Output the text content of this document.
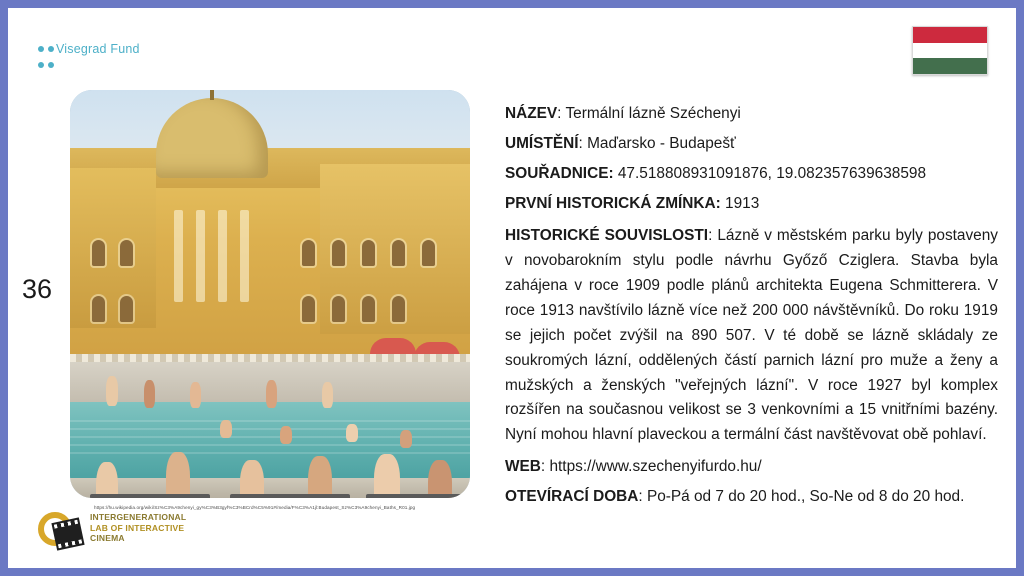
Visegrad Fund
36
https://hu.wikipedia.org/wiki/Sz%C3%A9chenyi_gy%C3%B3gyf%C3%BCrd%C5%91#/media/F%C3%A1jl:Budapest_Sz%C3%A9chenyi_Baths_R01.jpg
INTERGENERATIONAL
LAB OF INTERACTIVE
CINEMA
NÁZEV: Termální lázně Széchenyi
UMÍSTĚNÍ: Maďarsko - Budapešť
SOUŘADNICE: 47.518808931091876, 19.082357639638598
PRVNÍ HISTORICKÁ ZMÍNKA: 1913
HISTORICKÉ SOUVISLOSTI: Lázně v městském parku byly postaveny v novobarokním stylu podle návrhu Győző Cziglera. Stavba byla zahájena v roce 1909 podle plánů architekta Eugena Schmitterera. V roce 1913 navštívilo lázně více než 200 000 návštěvníků. Do roku 1919 se jejich počet zvýšil na 890 507. V té době se lázně skládaly ze soukromých lázní, oddělených částí parnich lázní pro muže a ženy a mužských a ženských "veřejných lázní". V roce 1927 byl komplex rozšířen na současnou velikost se 3 venkovními a 15 vnitřními bazény. Nyní mohou hlavní plaveckou a termální část navštěvovat obě pohlaví.
WEB: https://www.szechenyifurdo.hu/
OTEVÍRACÍ DOBA: Po-Pá od 7 do 20 hod., So-Ne od 8 do 20 hod.
